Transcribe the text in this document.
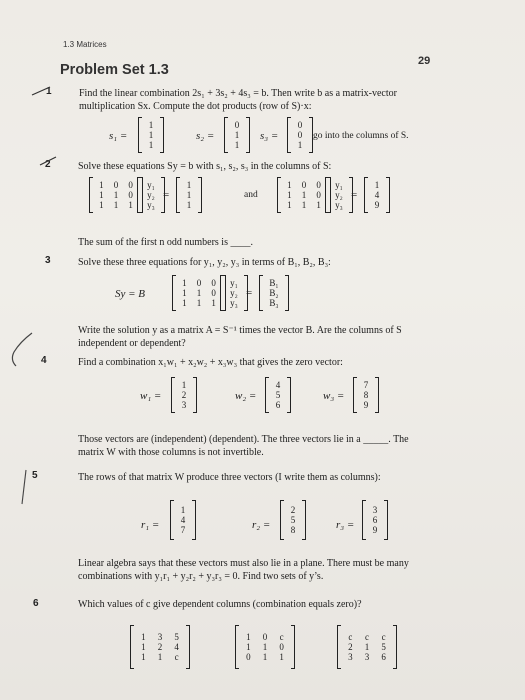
1.3 Matrices
29
Problem Set 1.3
1	Find the linear combination 2s₁ + 3s₂ + 4s₃ = b. Then write b as a matrix-vector
multiplication Sx. Compute the dot products (row of S)·x:
s₁ =
1
1
1
s₂ =
0
1
1
s₃ =
0
0
1
go into the columns of S.
2	Solve these equations Sy = b with s₁, s₂, s₃ in the columns of S:
1 0 0
1 1 0
1 1 1
y₁
y₂
y₃
=
1
1
1
and
1 0 0
1 1 0
1 1 1
y₁
y₂
y₃
=
1
4
9
The sum of the first n odd numbers is ____.
3	Solve these three equations for y₁, y₂, y₃ in terms of B₁, B₂, B₃:
Sy = B
1 0 0
1 1 0
1 1 1
y₁
y₂
y₃
=
B₁
B₂
B₃
Write the solution y as a matrix A = S⁻¹ times the vector B. Are the columns of S
independent or dependent?
4	Find a combination x₁w₁ + x₂w₂ + x₃w₃ that gives the zero vector:
w₁ =
1
2
3
w₂ =
4
5
6
w₃ =
7
8
9
Those vectors are (independent) (dependent). The three vectors lie in a _____. The
matrix W with those columns is not invertible.
5	The rows of that matrix W produce three vectors (I write them as columns):
r₁ =
1
4
7	r₂ =
2
5
8	r₃ =
3
6
9
Linear algebra says that these vectors must also lie in a plane. There must be many
combinations with y₁r₁ + y₂r₂ + y₃r₃ = 0. Find two sets of y’s.
6	Which values of c give dependent columns (combination equals zero)?
1 3 5
1 2 4
1 1 c
1 0 c
1 1 0
0 1 1
c c c
2 1 5
3 3 6
